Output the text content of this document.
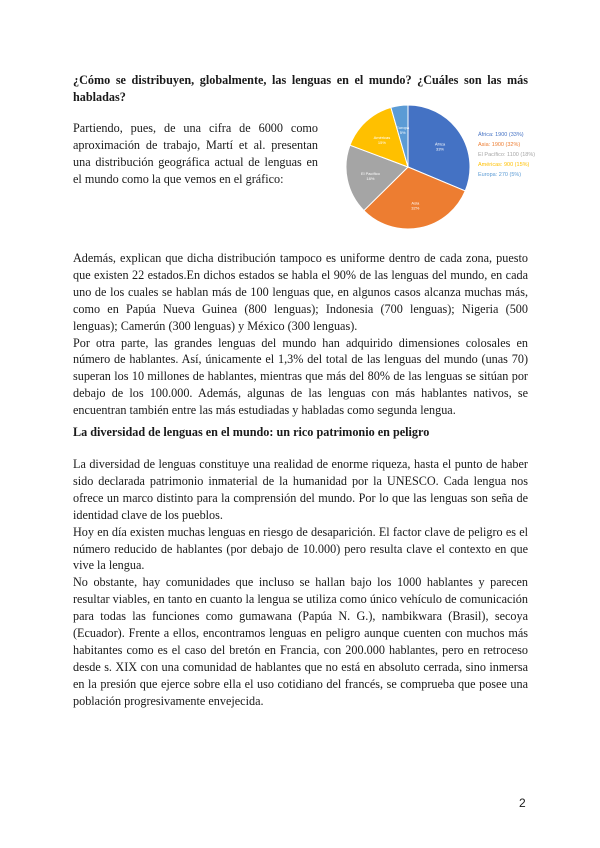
¿Cómo se distribuyen, globalmente, las lenguas en el mundo? ¿Cuáles son las más habladas?
Partiendo, pues, de una cifra de 6000 como aproximación de trabajo, Martí et al. presentan una distribución geográfica actual de lenguas en el mundo como la que vemos en el gráfico:
África
33%
Asia
32%
El Pacífico
18%
Américas
15%
Europa
5%	África: 1900 (33%)
Asia: 1900 (32%)
El Pacífico: 1100 (18%)
Américas: 900 (15%)
Europa: 270 (5%)

Además, explican que dicha distribución tampoco es uniforme dentro de cada zona, puesto que existen 22 estados.En dichos estados se habla el 90% de las lenguas del mundo, en cada uno de los cuales se hablan más de 100 lenguas que, en algunos casos alcanza muchas más, como en Papúa Nueva Guinea (800 lenguas); Indonesia (700 lenguas); Nigeria (500 lenguas); Camerún (300 lenguas) y México (300 lenguas).

Por otra parte, las grandes lenguas del mundo han adquirido dimensiones colosales en número de hablantes. Así, únicamente el 1,3% del total de las lenguas del mundo (unas 70) superan los 10 millones de hablantes, mientras que más del 80% de las lenguas se sitúan por debajo de los 100.000. Además, algunas de las lenguas con más hablantes nativos, se encuentran también entre las más estudiadas y habladas como segunda lengua.

La diversidad de lenguas en el mundo: un rico patrimonio en peligro

La diversidad de lenguas constituye una realidad de enorme riqueza, hasta el punto de haber sido declarada patrimonio inmaterial de la humanidad por la UNESCO. Cada lengua nos ofrece un marco distinto para la comprensión del mundo. Por lo que las lenguas son seña de identidad clave de los pueblos.

Hoy en día existen muchas lenguas en riesgo de desaparición. El factor clave de peligro es el número reducido de hablantes (por debajo de 10.000) pero resulta clave el contexto en que vive la lengua.

No obstante, hay comunidades que incluso se hallan bajo los 1000 hablantes y parecen resultar viables, en tanto en cuanto la lengua se utiliza como único vehículo de comunicación para todas las funciones como gumawana (Papúa N. G.), nambikwara (Brasil), secoya (Ecuador). Frente a ellos, encontramos lenguas en peligro aunque cuenten con muchos más habitantes como es el caso del bretón en Francia, con 200.000 hablantes, pero en retroceso desde s. XIX con una comunidad de hablantes que no está en absoluto cerrada, sino inmersa en la presión que ejerce sobre ella el uso cotidiano del francés, se comprueba que posee una población progresivamente envejecida.

2
